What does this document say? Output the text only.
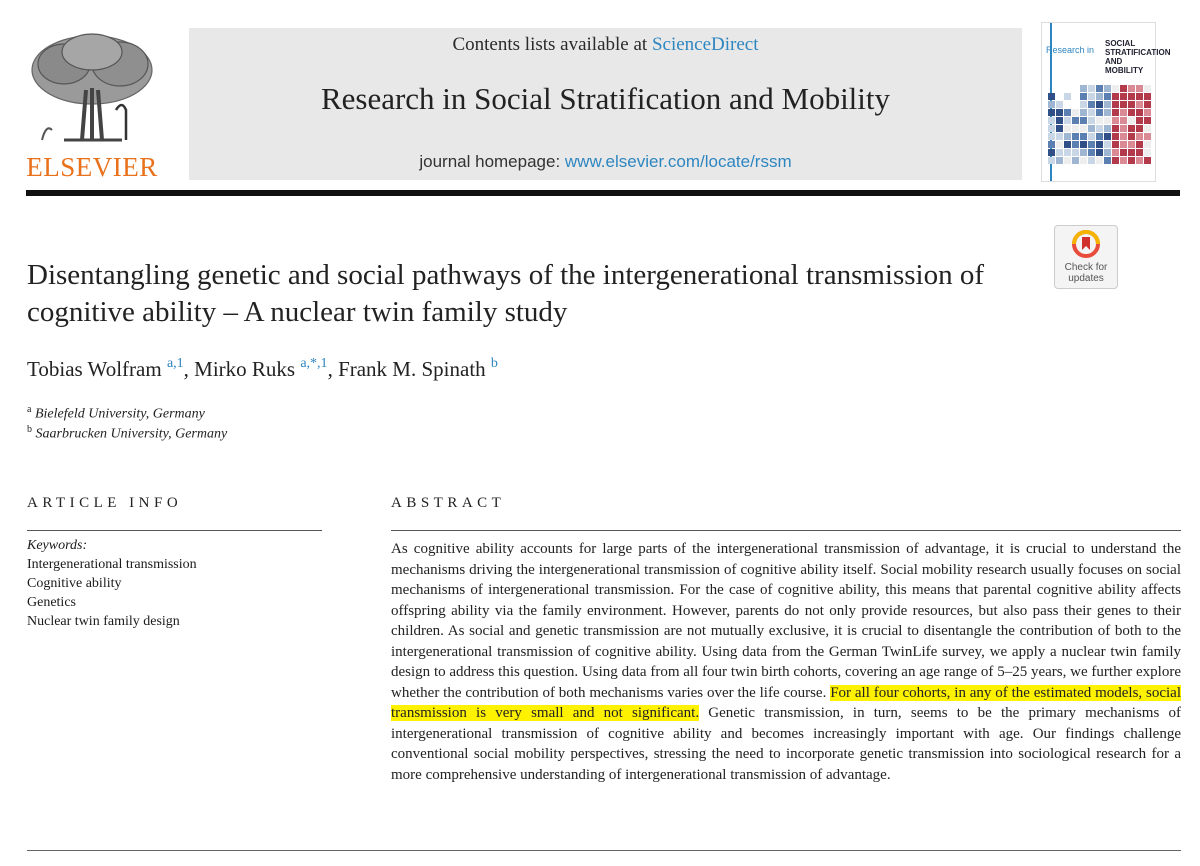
ELSEVIER
Contents lists available at ScienceDirect
Research in Social Stratification and Mobility
journal homepage: www.elsevier.com/locate/rssm
Research in
SOCIAL STRATIFICATION AND MOBILITY
Check for
updates
Disentangling genetic and social pathways of the intergenerational transmission of cognitive ability – A nuclear twin family study
Tobias Wolfram $^{a,1}$, Mirko Ruks $^{a,*,1}$, Frank M. Spinath $^b$
$^a$ Bielefeld University, Germany
$^b$ Saarbrucken University, Germany
ARTICLE INFO
Keywords:
Intergenerational transmission
Cognitive ability
Genetics
Nuclear twin family design
ABSTRACT
As cognitive ability accounts for large parts of the intergenerational transmission of advantage, it is crucial to understand the mechanisms driving the intergenerational transmission of cognitive ability itself. Social mobility research usually focuses on social mechanisms of intergenerational transmission. For the case of cognitive ability, this means that parental cognitive ability affects offspring ability via the family environment. However, parents do not only provide resources, but also pass their genes to their children. As social and genetic transmission are not mutually exclusive, it is crucial to disentangle the contribution of both to the intergenerational transmission of cognitive ability. Using data from the German TwinLife survey, we apply a nuclear twin family design to address this question. Using data from all four twin birth cohorts, covering an age range of 5–25 years, we further explore whether the contribution of both mechanisms varies over the life course. For all four cohorts, in any of the estimated models, social transmission is very small and not significant. Genetic transmission, in turn, seems to be the primary mechanisms of intergenerational transmission of cognitive ability and becomes increasingly important with age. Our findings challenge conventional social mobility perspectives, stressing the need to incorporate genetic transmission into sociological research for a more comprehensive understanding of intergenerational transmission of advantage.
